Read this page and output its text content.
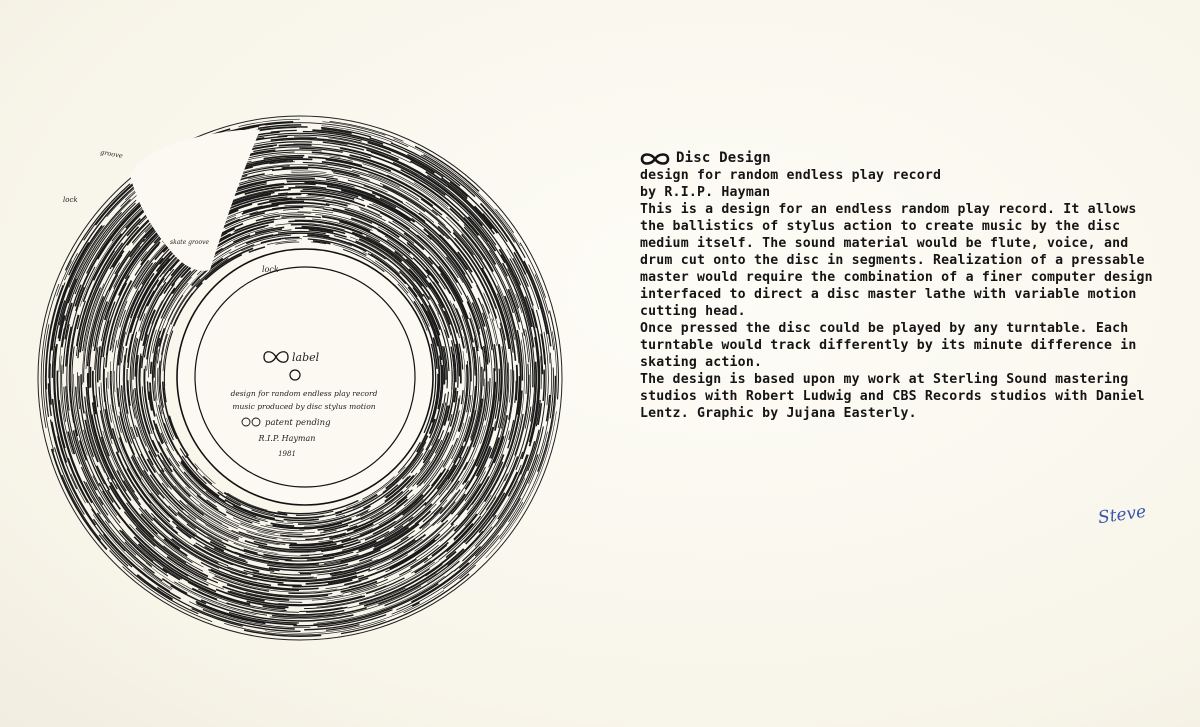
label
design for random endless play record
music produced by disc stylus motion
patent pending
R.I.P. Hayman
1981
lock
skate groove
groove
lock
Disc Design

design for random endless play record

by R.I.P. Hayman

This is a design for an endless random play record. It allows the ballistics of stylus action to create music by the disc medium itself. The sound material would be flute, voice, and drum cut onto the disc in segments. Realization of a pressable master would require the combination of a finer computer design interfaced to direct a disc master lathe with variable motion cutting head.

Once pressed the disc could be played by any turntable. Each turntable would track differently by its minute difference in skating action.

The design is based upon my work at Sterling Sound mastering studios with Robert Ludwig and CBS Records studios with Daniel Lentz. Graphic by Jujana Easterly.

Steve
